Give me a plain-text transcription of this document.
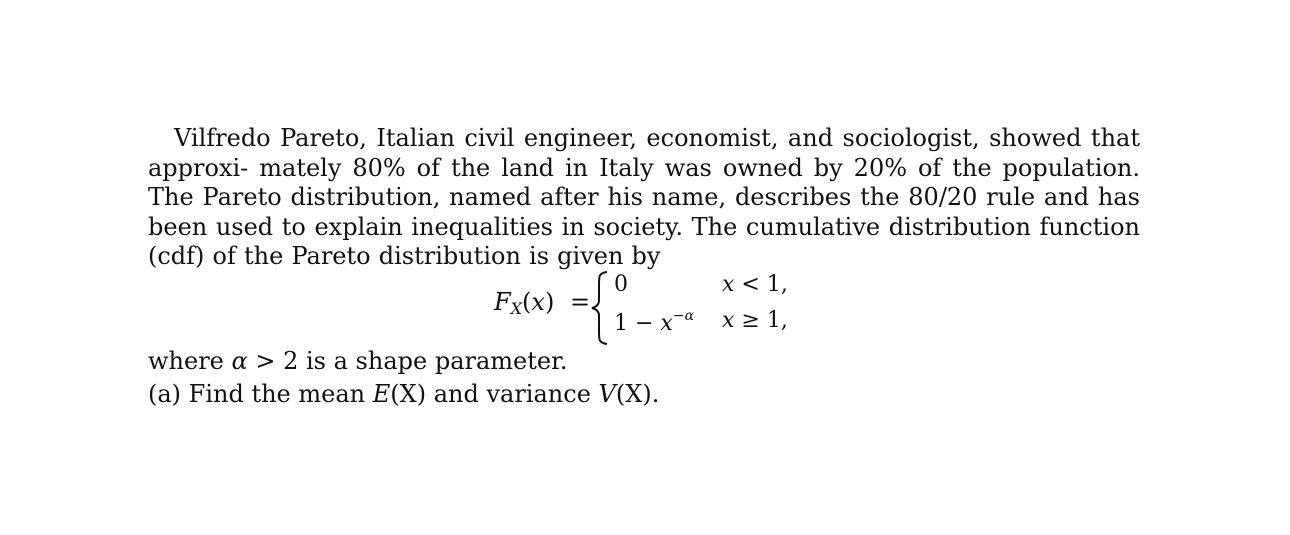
Vilfredo Pareto, Italian civil engineer, economist, and sociologist, showed that approxi- mately 80% of the land in Italy was owned by 20% of the population. The Pareto distribution, named after his name, describes the 80/20 rule and has been used to explain inequalities in society. The cumulative distribution function (cdf) of the Pareto distribution is given by

$F_X(x)$ =
0
$1 - x^{-\alpha}$
x < 1,
x ≥ 1,
where α > 2 is a shape parameter.
(a) Find the mean E(X) and variance V(X).
